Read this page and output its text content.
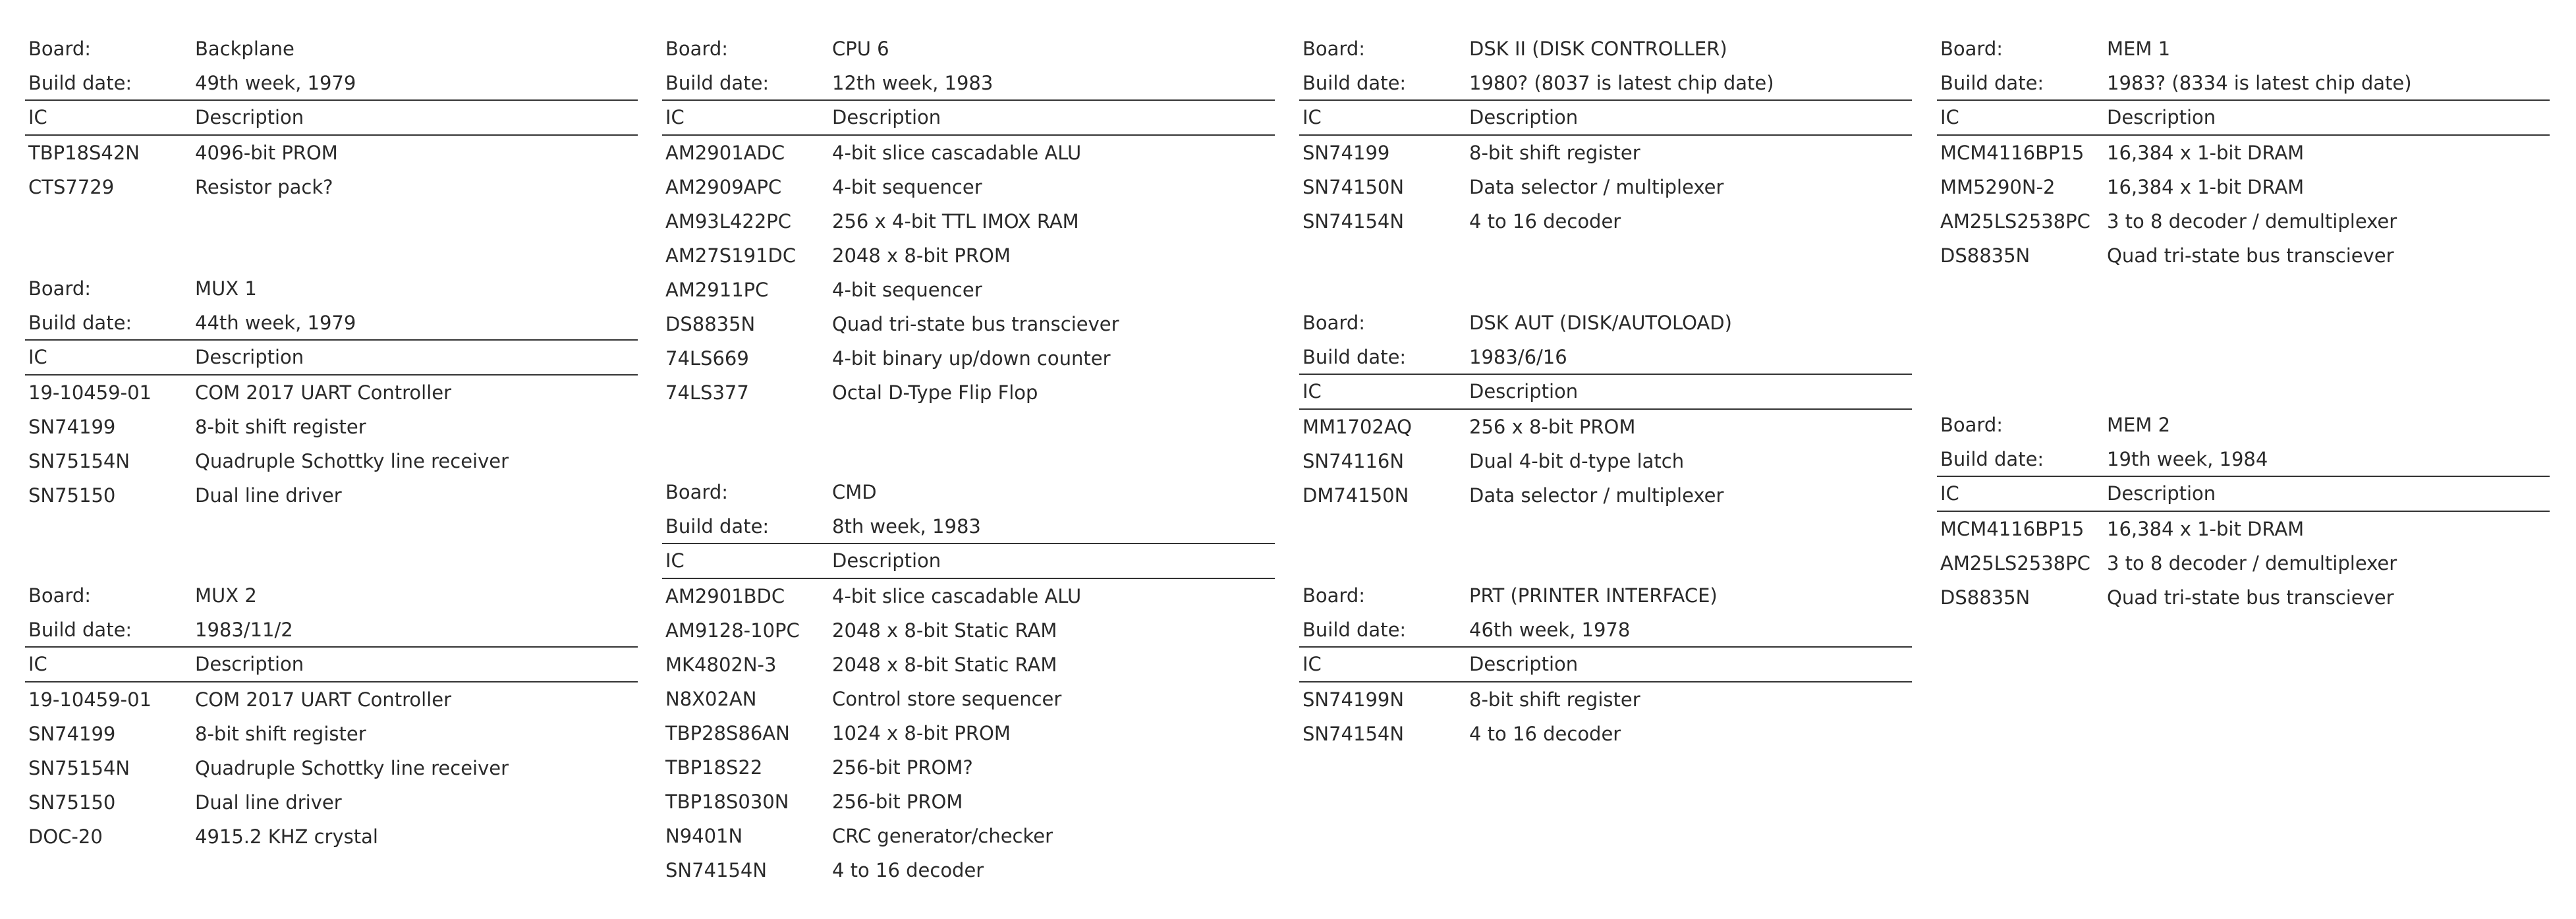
Board:	Backplane
Build date:	49th week, 1979
IC	Description
TBP18S42N	4096-bit PROM
CTS7729	Resistor pack?
Board:	MUX 1
Build date:	44th week, 1979
IC	Description
19-10459-01	COM 2017 UART Controller
SN74199	8-bit shift register
SN75154N	Quadruple Schottky line receiver
SN75150	Dual line driver
Board:	MUX 2
Build date:	1983/11/2
IC	Description
19-10459-01	COM 2017 UART Controller
SN74199	8-bit shift register
SN75154N	Quadruple Schottky line receiver
SN75150	Dual line driver
DOC-20	4915.2 KHZ crystal
Board:	CPU 6
Build date:	12th week, 1983
IC	Description
AM2901ADC	4-bit slice cascadable ALU
AM2909APC	4-bit sequencer
AM93L422PC	256 x 4-bit TTL IMOX RAM
AM27S191DC	2048 x 8-bit PROM
AM2911PC	4-bit sequencer
DS8835N	Quad tri-state bus transciever
74LS669	4-bit binary up/down counter
74LS377	Octal D-Type Flip Flop
Board:	CMD
Build date:	8th week, 1983
IC	Description
AM2901BDC	4-bit slice cascadable ALU
AM9128-10PC	2048 x 8-bit Static RAM
MK4802N-3	2048 x 8-bit Static RAM
N8X02AN	Control store sequencer
TBP28S86AN	1024 x 8-bit PROM
TBP18S22	256-bit PROM?
TBP18S030N	256-bit PROM
N9401N	CRC generator/checker
SN74154N	4 to 16 decoder
Board:	DSK II (DISK CONTROLLER)
Build date:	1980? (8037 is latest chip date)
IC	Description
SN74199	8-bit shift register
SN74150N	Data selector / multiplexer
SN74154N	4 to 16 decoder
Board:	DSK AUT (DISK/AUTOLOAD)
Build date:	1983/6/16
IC	Description
MM1702AQ	256 x 8-bit PROM
SN74116N	Dual 4-bit d-type latch
DM74150N	Data selector / multiplexer
Board:	PRT (PRINTER INTERFACE)
Build date:	46th week, 1978
IC	Description
SN74199N	8-bit shift register
SN74154N	4 to 16 decoder
Board:	MEM 1
Build date:	1983? (8334 is latest chip date)
IC	Description
MCM4116BP15	16,384 x 1-bit DRAM
MM5290N-2	16,384 x 1-bit DRAM
AM25LS2538PC 3 to 8 decoder / demultiplexer
DS8835N	Quad tri-state bus transciever
Board:	MEM 2
Build date:	19th week, 1984
IC	Description
MCM4116BP15	16,384 x 1-bit DRAM
AM25LS2538PC 3 to 8 decoder / demultiplexer
DS8835N	Quad tri-state bus transciever
